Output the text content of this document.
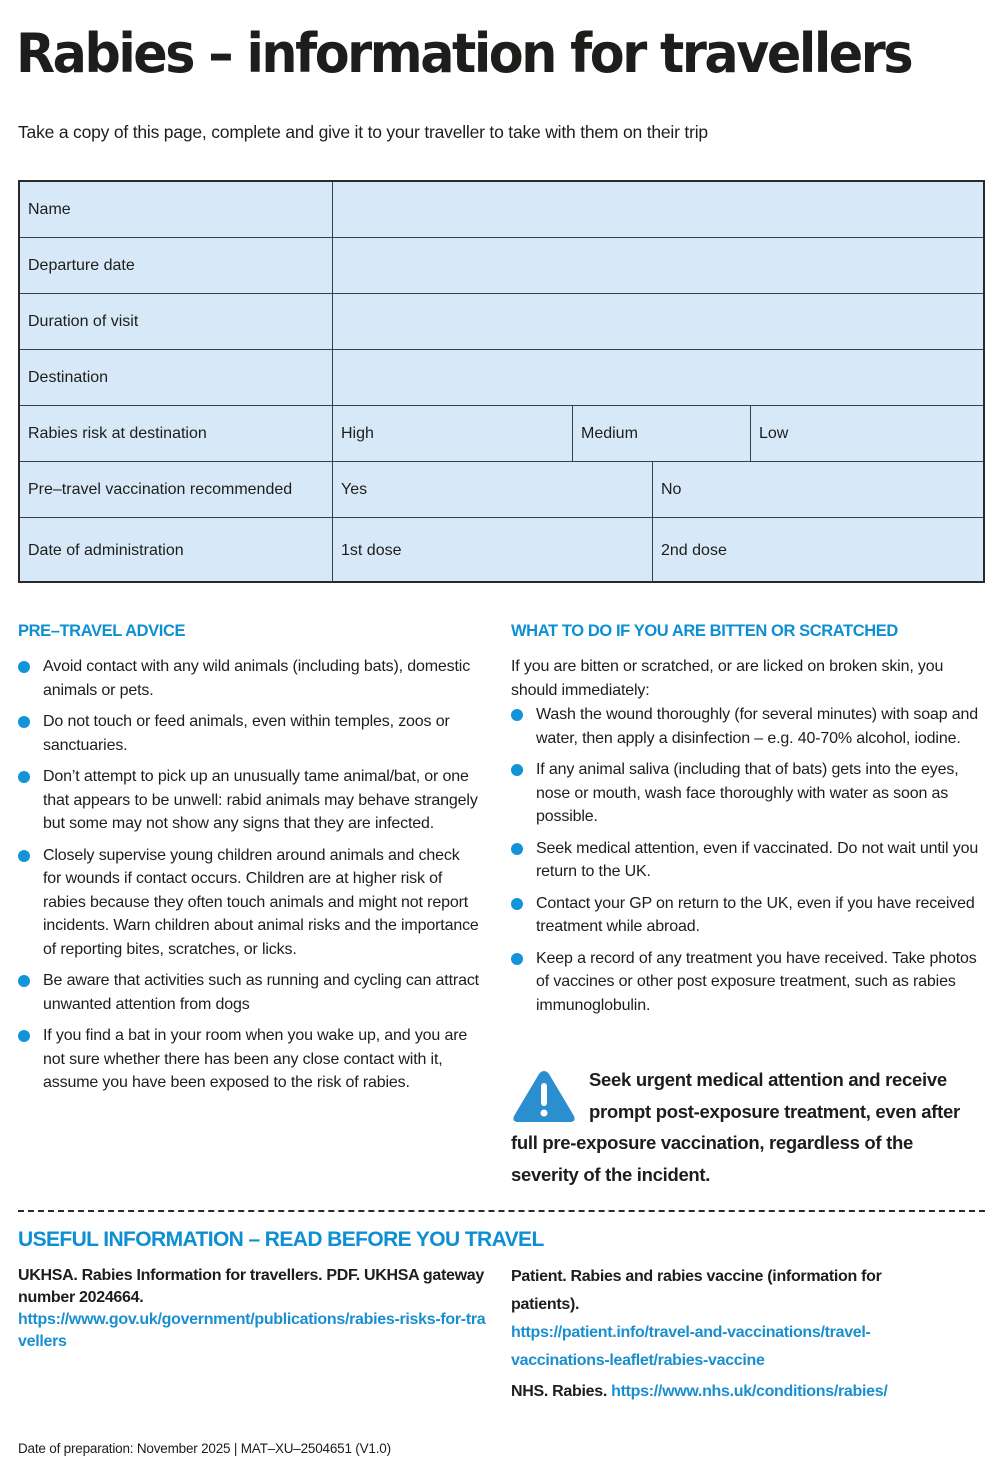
Rabies – information for travellers

Take a copy of this page, complete and give it to your traveller to take with them on their trip

Name
Departure date
Duration of visit
Destination
Rabies risk at destination	High	Medium	Low
Pre–travel vaccination recommended	Yes	No
Date of administration	1st dose	2nd dose
PRE–TRAVEL ADVICE
Avoid contact with any wild animals (including bats), domestic animals or pets.
Do not touch or feed animals, even within temples, zoos or sanctuaries.
Don’t attempt to pick up an unusually tame animal/bat, or one that appears to be unwell: rabid animals may behave strangely but some may not show any signs that they are infected.
Closely supervise young children around animals and check for wounds if contact occurs. Children are at higher risk of rabies because they often touch animals and might not report incidents. Warn children about animal risks and the importance of reporting bites, scratches, or licks.
Be aware that activities such as running and cycling can attract unwanted attention from dogs
If you find a bat in your room when you wake up, and you are not sure whether there has been any close contact with it, assume you have been exposed to the risk of rabies.
WHAT TO DO IF YOU ARE BITTEN OR SCRATCHED

If you are bitten or scratched, or are licked on broken skin, you should immediately:

Wash the wound thoroughly (for several minutes) with soap and water, then apply a disinfection – e.g. 40-70% alcohol, iodine.
If any animal saliva (including that of bats) gets into the eyes, nose or mouth, wash face thoroughly with water as soon as possible.
Seek medical attention, even if vaccinated. Do not wait until you return to the UK.
Contact your GP on return to the UK, even if you have received treatment while abroad.
Keep a record of any treatment you have received. Take photos of vaccines or other post exposure treatment, such as rabies immunoglobulin.
Seek urgent medical attention and receive prompt post-exposure treatment, even after full pre-exposure vaccination, regardless of the severity of the incident.
USEFUL INFORMATION – READ BEFORE YOU TRAVEL
UKHSA. Rabies Information for travellers. PDF. UKHSA gateway number 2024664.
https://www.gov.uk/government/publications/rabies-risks-for-travellers
Patient. Rabies and rabies vaccine (information for patients).
https://patient.info/travel-and-vaccinations/travel-vaccinations-leaflet/rabies-vaccine
NHS. Rabies. https://www.nhs.uk/conditions/rabies/
Date of preparation: November 2025 | MAT–XU–2504651 (V1.0)
